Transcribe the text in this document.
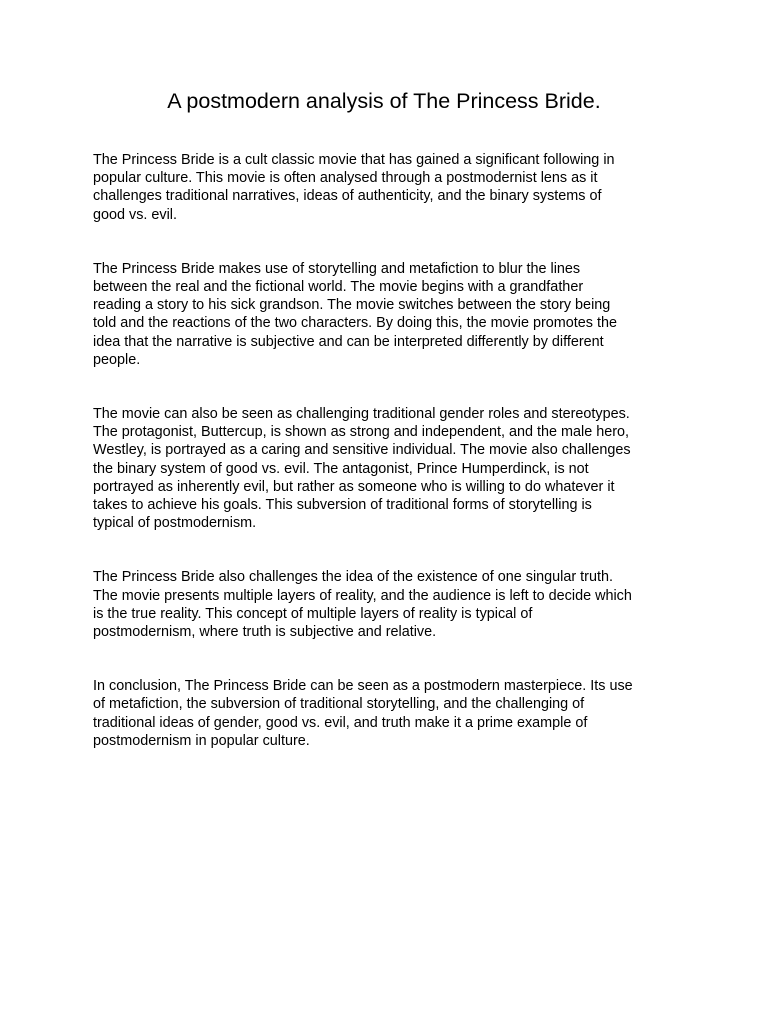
A postmodern analysis of The Princess Bride.

The Princess Bride is a cult classic movie that has gained a significant following in
popular culture. This movie is often analysed through a postmodernist lens as it
challenges traditional narratives, ideas of authenticity, and the binary systems of
good vs. evil.

The Princess Bride makes use of storytelling and metafiction to blur the lines
between the real and the fictional world. The movie begins with a grandfather
reading a story to his sick grandson. The movie switches between the story being
told and the reactions of the two characters. By doing this, the movie promotes the
idea that the narrative is subjective and can be interpreted differently by different
people.

The movie can also be seen as challenging traditional gender roles and stereotypes.
The protagonist, Buttercup, is shown as strong and independent, and the male hero,
Westley, is portrayed as a caring and sensitive individual. The movie also challenges
the binary system of good vs. evil. The antagonist, Prince Humperdinck, is not
portrayed as inherently evil, but rather as someone who is willing to do whatever it
takes to achieve his goals. This subversion of traditional forms of storytelling is
typical of postmodernism.

The Princess Bride also challenges the idea of the existence of one singular truth.
The movie presents multiple layers of reality, and the audience is left to decide which
is the true reality. This concept of multiple layers of reality is typical of
postmodernism, where truth is subjective and relative.

In conclusion, The Princess Bride can be seen as a postmodern masterpiece. Its use
of metafiction, the subversion of traditional storytelling, and the challenging of
traditional ideas of gender, good vs. evil, and truth make it a prime example of
postmodernism in popular culture.
